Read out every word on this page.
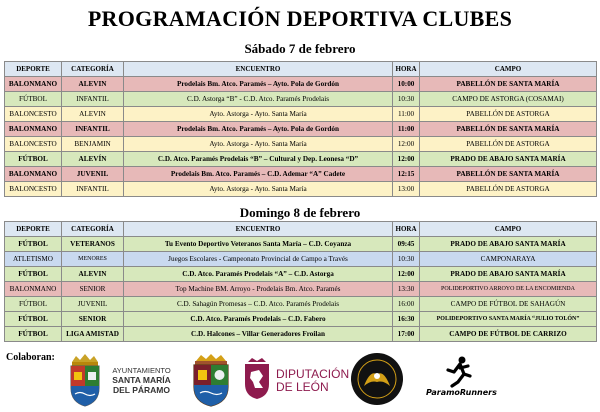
PROGRAMACIÓN DEPORTIVA CLUBES
Sábado 7 de febrero
DEPORTE	CATEGORÍA	ENCUENTRO	HORA	CAMPO
BALONMANO	ALEVIN	Prodelais Bm. Atco. Paramés – Ayto. Pola de Gordón	10:00	PABELLÓN DE SANTA MARÍA
FÚTBOL	INFANTIL	C.D. Astorga “B” - C.D. Atco. Paramés Prodelais	10:30	CAMPO DE ASTORGA (COSAMAI)
BALONCESTO	ALEVIN	Ayto. Astorga - Ayto. Santa María	11:00	PABELLÓN DE ASTORGA
BALONMANO	INFANTIL	Prodelais Bm. Atco. Paramés – Ayto. Pola de Gordón	11:00	PABELLÓN DE SANTA MARÍA
BALONCESTO	BENJAMIN	Ayto. Astorga - Ayto. Santa María	12:00	PABELLÓN DE ASTORGA
FÚTBOL	ALEVÍN	C.D. Atco. Paramés Prodelais “B” – Cultural y Dep. Leonesa “D”	12:00	PRADO DE ABAJO SANTA MARÍA
BALONMANO	JUVENIL	Prodelais Bm. Atco. Paramés – C.D. Ademar “A” Cadete	12:15	PABELLÓN DE SANTA MARÍA
BALONCESTO	INFANTIL	Ayto. Astorga - Ayto. Santa María	13:00	PABELLÓN DE ASTORGA
Domingo 8 de febrero
DEPORTE	CATEGORÍA	ENCUENTRO	HORA	CAMPO
FÚTBOL	VETERANOS	Tu Evento Deportivo Veteranos Santa María – C.D. Coyanza	09:45	PRADO DE ABAJO SANTA MARÍA
ATLETISMO	MENORES	Juegos Escolares - Campeonato Provincial de Campo a Través	10:30	CAMPONARAYA
FÚTBOL	ALEVIN	C.D. Atco. Paramés Prodelais “A” – C.D. Astorga	12:00	PRADO DE ABAJO SANTA MARÍA
BALONMANO	SENIOR	Top Machine BM. Arroyo - Prodelais Bm. Atco. Paramés	13:30	POLIDEPORTIVO ARROYO DE LA ENCOMIENDA
FÚTBOL	JUVENIL	C.D. Sahagún Promesas – C.D. Atco. Paramés Prodelais	16:00	CAMPO DE FÚTBOL DE SAHAGÚN
FÚTBOL	SENIOR	C.D. Atco. Paramés Prodelais – C.D. Fabero	16:30	POLIDEPORTIVO SANTA MARÍA “JULIO TOLÓN”
FÚTBOL	LIGA AMISTAD	C.D. Halcones – Villar Generadores Froilan	17:00	CAMPO DE FÚTBOL DE CARRIZO
Colaboran:
AYUNTAMIENTO
SANTA MARÍA
DEL PÁRAMO
DIPUTACIÓN
DE LEÓN	ParamoRunners
